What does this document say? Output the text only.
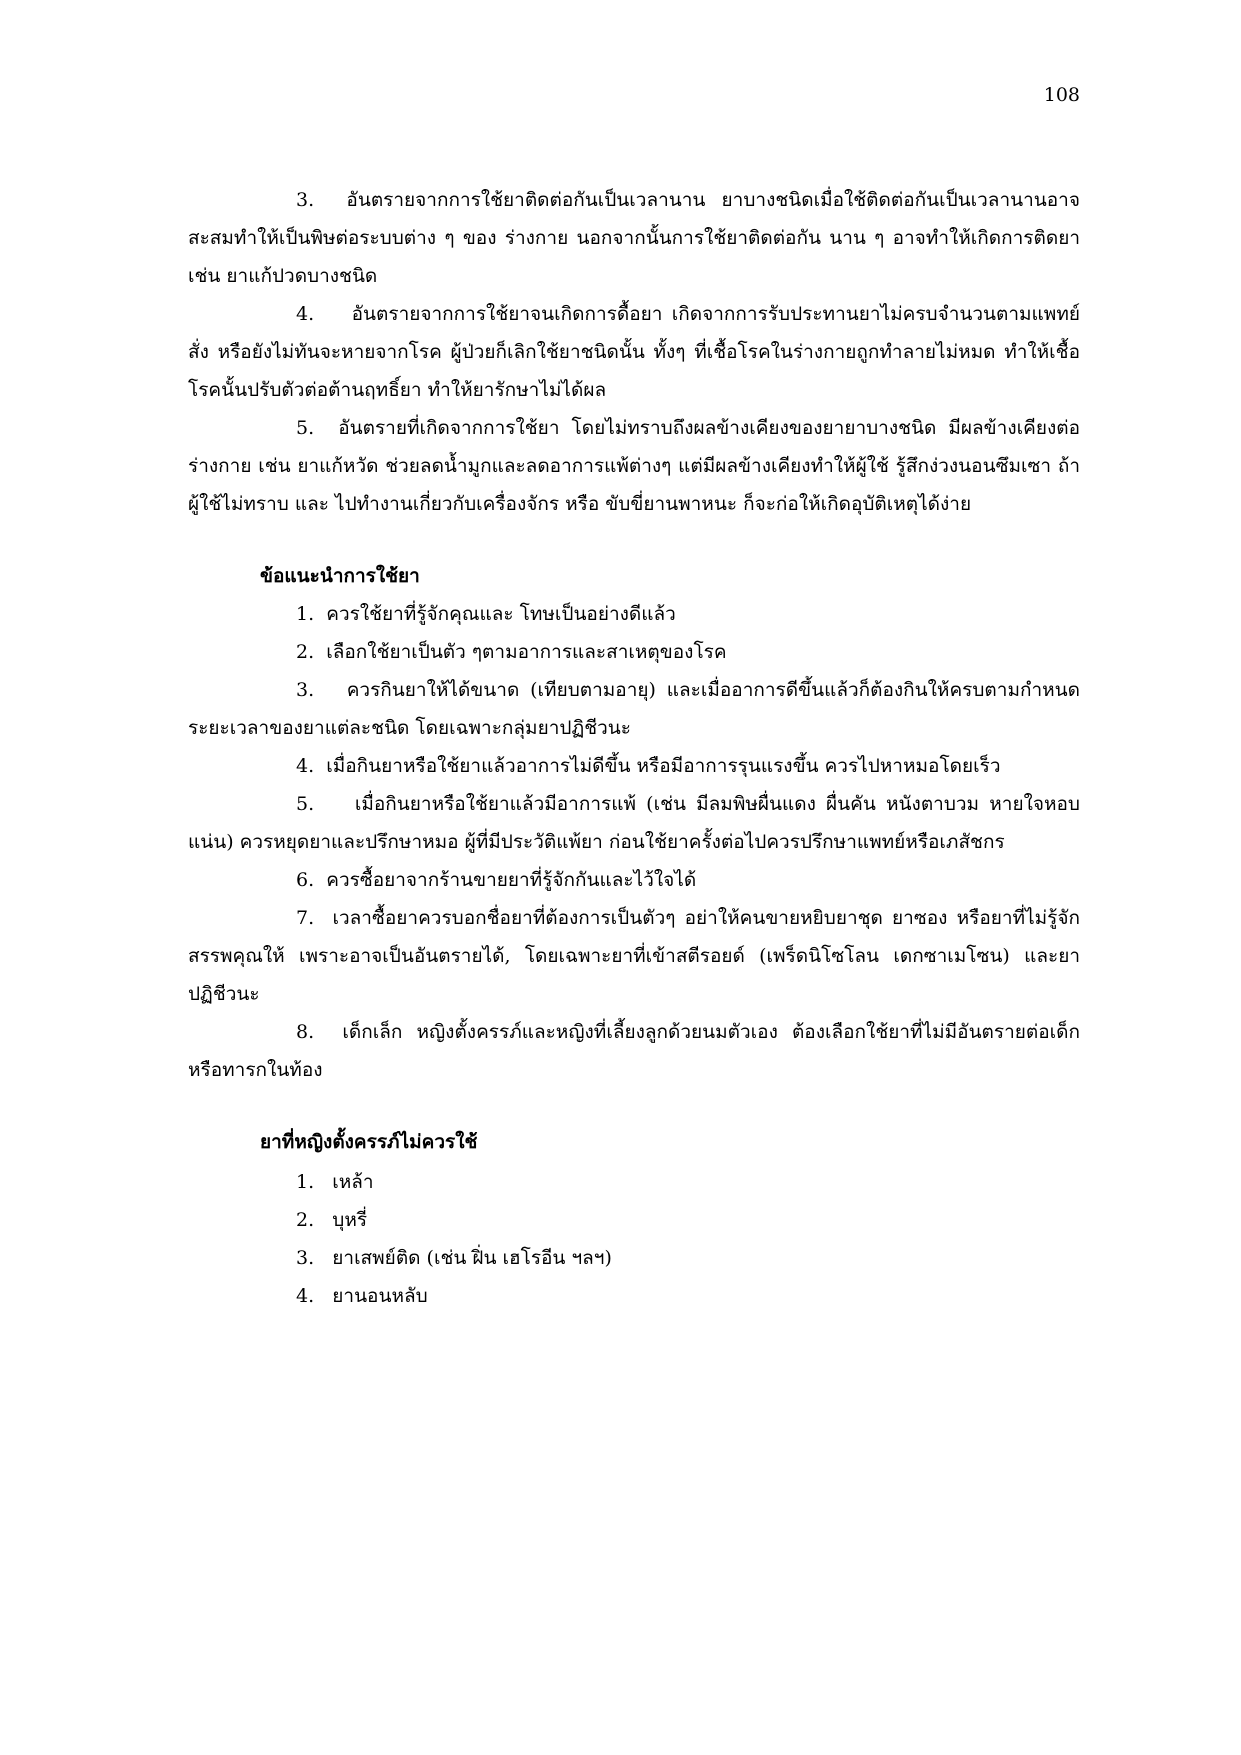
108

3. อันตรายจากการใช้ยาติดต่อกันเป็นเวลานาน ยาบางชนิดเมื่อใช้ติดต่อกันเป็นเวลานานอาจสะสมทำให้เป็นพิษต่อระบบต่าง ๆ ของ ร่างกาย นอกจากนั้นการใช้ยาติดต่อกัน นาน ๆ อาจทำให้เกิดการติดยา เช่น ยาแก้ปวดบางชนิด

4. อันตรายจากการใช้ยาจนเกิดการดื้อยา เกิดจากการรับประทานยาไม่ครบจำนวนตามแพทย์สั่ง หรือยังไม่ทันจะหายจากโรค ผู้ป่วยก็เลิกใช้ยาชนิดนั้น ทั้งๆ ที่เชื้อโรคในร่างกายถูกทำลายไม่หมด ทำให้เชื้อโรคนั้นปรับตัวต่อต้านฤทธิ์ยา ทำให้ยารักษาไม่ได้ผล

5. อันตรายที่เกิดจากการใช้ยา โดยไม่ทราบถึงผลข้างเคียงของยายาบางชนิด มีผลข้างเคียงต่อร่างกาย เช่น ยาแก้หวัด ช่วยลดน้ำมูกและลดอาการแพ้ต่างๆ แต่มีผลข้างเคียงทำให้ผู้ใช้ รู้สึกง่วงนอนซึมเซา ถ้าผู้ใช้ไม่ทราบ และ ไปทำงานเกี่ยวกับเครื่องจักร หรือ ขับขี่ยานพาหนะ ก็จะก่อให้เกิดอุบัติเหตุได้ง่าย

ข้อแนะนำการใช้ยา

1. ควรใช้ยาที่รู้จักคุณและ โทษเป็นอย่างดีแล้ว

2. เลือกใช้ยาเป็นตัว ๆตามอาการและสาเหตุของโรค

3. ควรกินยาให้ได้ขนาด (เทียบตามอายุ) และเมื่ออาการดีขึ้นแล้วก็ต้องกินให้ครบตามกำหนดระยะเวลาของยาแต่ละชนิด โดยเฉพาะกลุ่มยาปฏิชีวนะ

4. เมื่อกินยาหรือใช้ยาแล้วอาการไม่ดีขึ้น หรือมีอาการรุนแรงขึ้น ควรไปหาหมอโดยเร็ว

5. เมื่อกินยาหรือใช้ยาแล้วมีอาการแพ้ (เช่น มีลมพิษผื่นแดง ผื่นคัน หนังตาบวม หายใจหอบแน่น) ควรหยุดยาและปรึกษาหมอ ผู้ที่มีประวัติแพ้ยา ก่อนใช้ยาครั้งต่อไปควรปรึกษาแพทย์หรือเภสัชกร

6. ควรซื้อยาจากร้านขายยาที่รู้จักกันและไว้ใจได้

7. เวลาซื้อยาควรบอกชื่อยาที่ต้องการเป็นตัวๆ อย่าให้คนขายหยิบยาชุด ยาซอง หรือยาที่ไม่รู้จักสรรพคุณให้ เพราะอาจเป็นอันตรายได้, โดยเฉพาะยาที่เข้าสตีรอยด์ (เพร็ดนิโซโลน เดกซาเมโซน) และยาปฏิชีวนะ

8. เด็กเล็ก หญิงตั้งครรภ์และหญิงที่เลี้ยงลูกด้วยนมตัวเอง ต้องเลือกใช้ยาที่ไม่มีอันตรายต่อเด็กหรือทารกในท้อง

ยาที่หญิงตั้งครรภ์ไม่ควรใช้

1. เหล้า

2. บุหรี่

3. ยาเสพย์ติด (เช่น ฝิ่น เฮโรอีน ฯลฯ)

4. ยานอนหลับ
